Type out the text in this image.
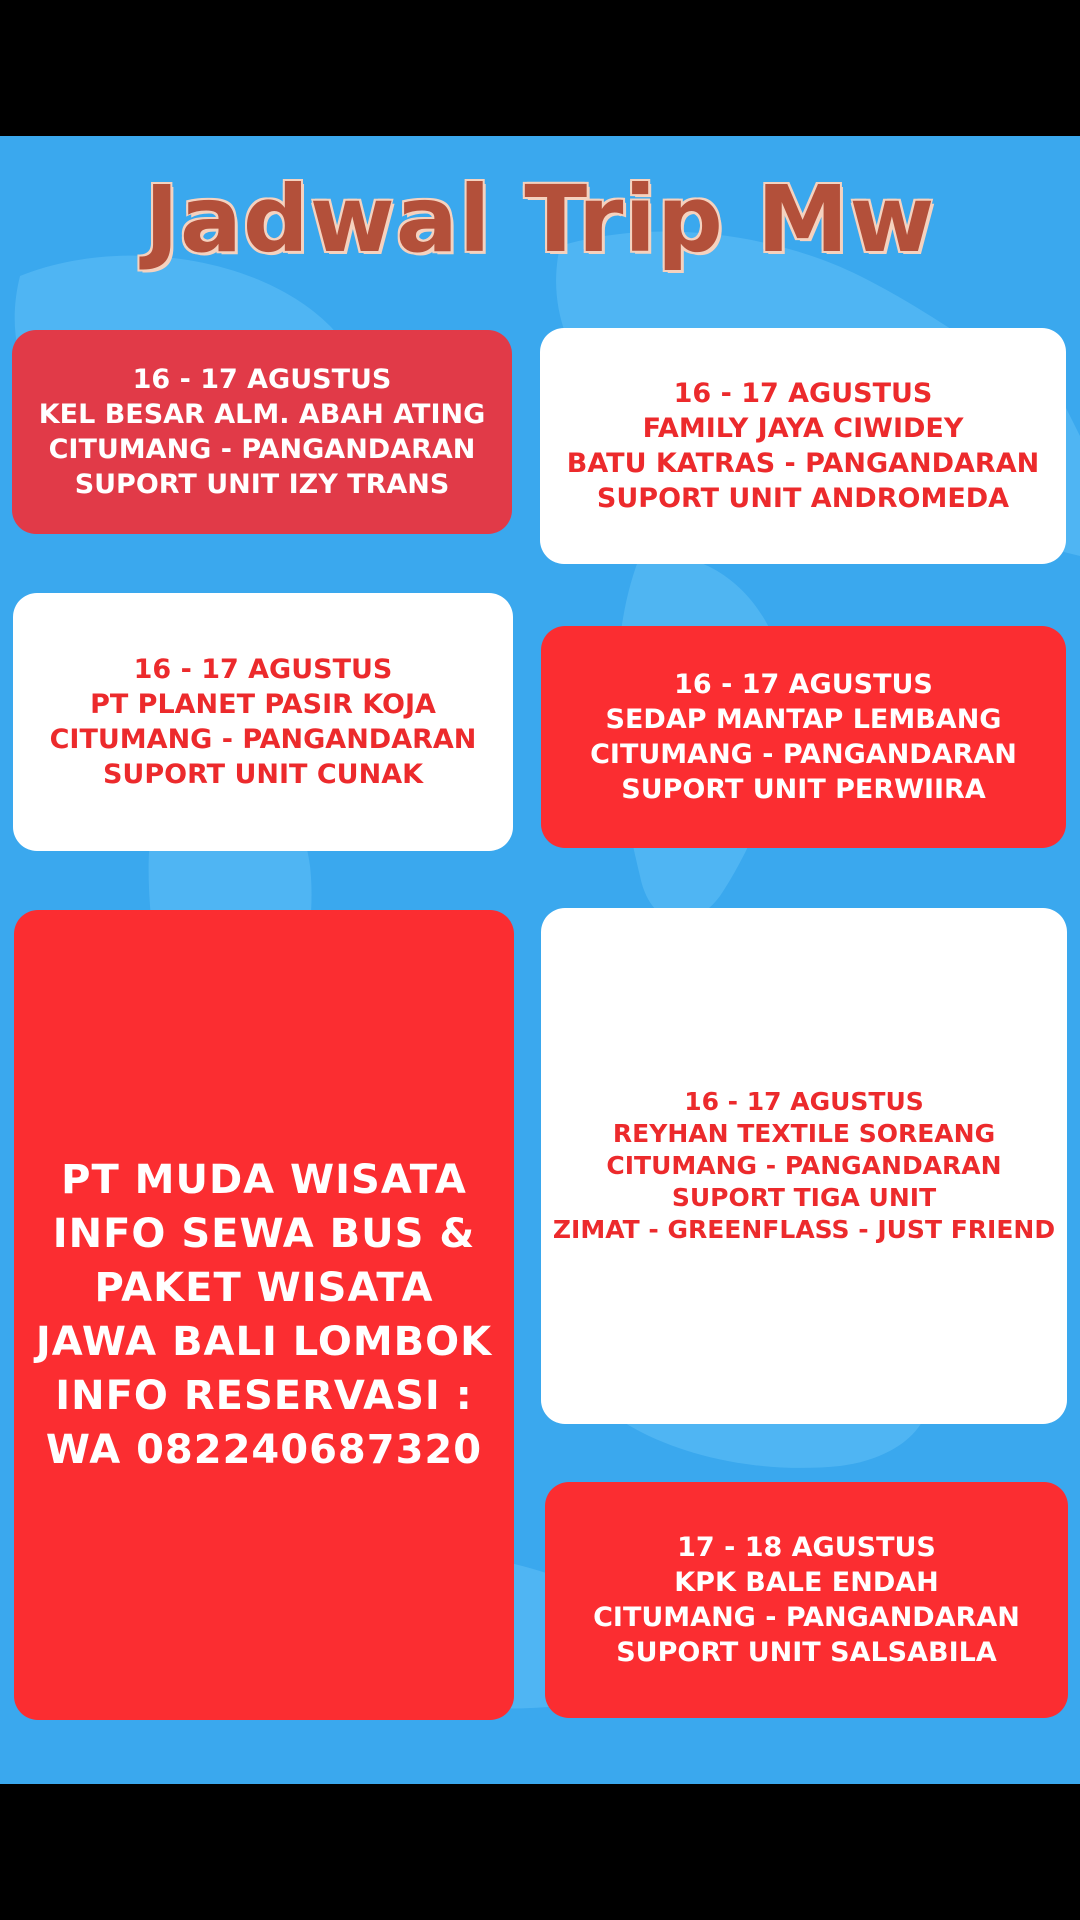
Jadwal Trip Mw
16 - 17 AGUSTUS
KEL BESAR ALM. ABAH ATING
CITUMANG - PANGANDARAN
SUPORT UNIT IZY TRANS
16 - 17 AGUSTUS
FAMILY JAYA CIWIDEY
BATU KATRAS - PANGANDARAN
SUPORT UNIT ANDROMEDA
16 - 17 AGUSTUS
PT PLANET PASIR KOJA
CITUMANG - PANGANDARAN
SUPORT UNIT CUNAK
16 - 17 AGUSTUS
SEDAP MANTAP LEMBANG
CITUMANG - PANGANDARAN
SUPORT UNIT PERWIIRA
PT MUDA WISATA
INFO SEWA BUS &
PAKET WISATA
JAWA BALI LOMBOK
INFO RESERVASI :
WA 082240687320
16 - 17 AGUSTUS
REYHAN TEXTILE SOREANG
CITUMANG - PANGANDARAN
SUPORT TIGA UNIT
ZIMAT - GREENFLASS - JUST FRIEND
17 - 18 AGUSTUS
KPK BALE ENDAH
CITUMANG - PANGANDARAN
SUPORT UNIT SALSABILA
